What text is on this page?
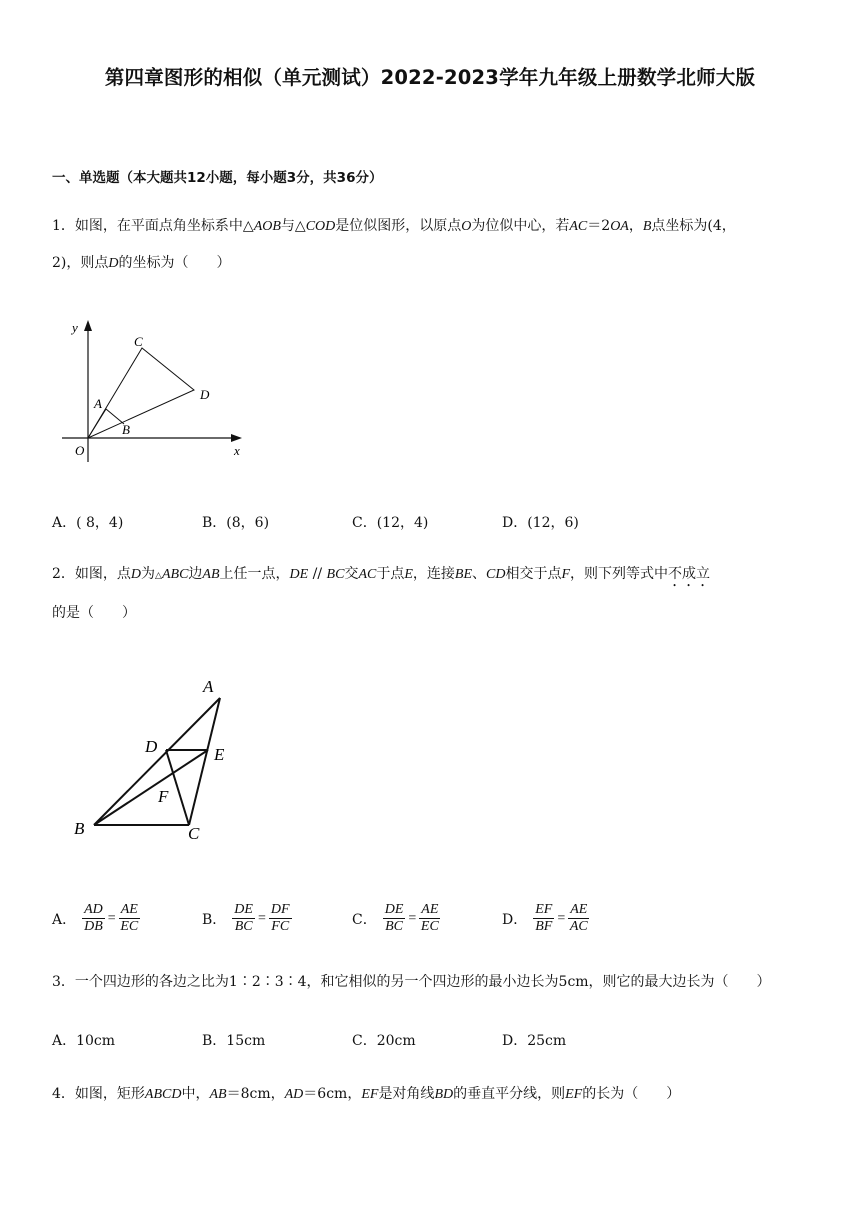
第四章图形的相似（单元测试）2022-2023学年九年级上册数学北师大版
一、单选题（本大题共12小题，每小题3分，共36分）
1．如图，在平面点角坐标系中△AOB与△COD是位似图形，以原点O为位似中心，若AC＝2OA，B点坐标为(4，
2)，则点D的坐标为（　　）
y
x
O
A
B
C
D
A．( 8，4)	B．(8，6)	C．(12，4)	D．(12，6)
2．如图，点D为△ABC边AB上任一点，DE // BC交AC于点E，连接BE、CD相交于点F，则下列等式中不成立
的是（　　）
A
D	E
F
B	C
A． $\frac{AD}{DB} = \frac{AE}{EC}$	B． $\frac{DE}{BC} = \frac{DF}{FC}$	C． $\frac{DE}{BC} = \frac{AE}{EC}$	D． $\frac{EF}{BF} = \frac{AE}{AC}$
3．一个四边形的各边之比为1∶2∶3∶4，和它相似的另一个四边形的最小边长为5cm，则它的最大边长为（　　）
A．10cm	B．15cm	C．20cm	D．25cm
4．如图，矩形ABCD中，AB＝8cm，AD＝6cm，EF是对角线BD的垂直平分线，则EF的长为（　　）
